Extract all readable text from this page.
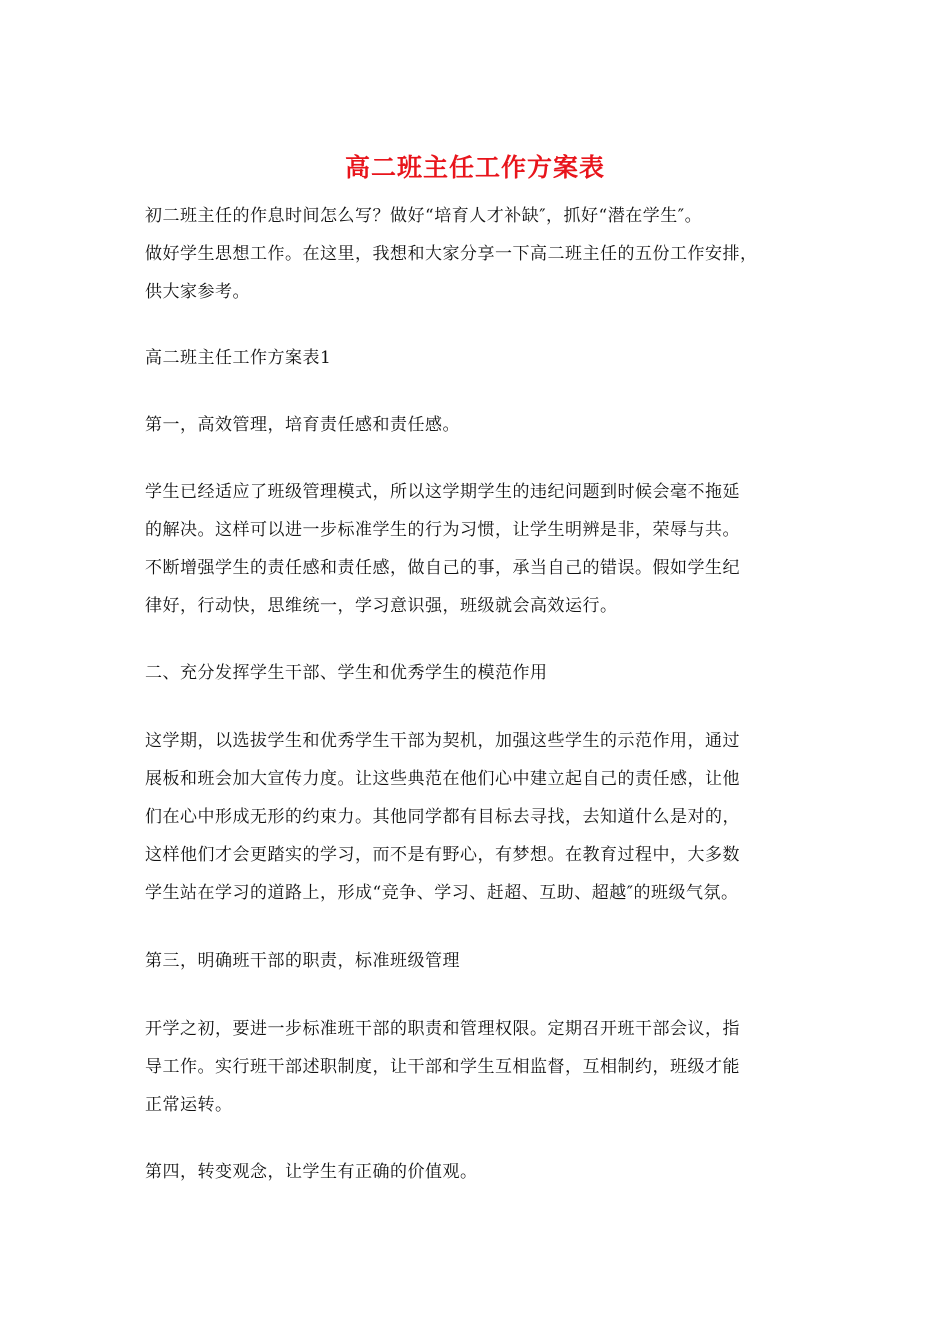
高二班主任工作方案表
初二班主任的作息时间怎么写？做好“培育人才补缺″，抓好“潜在学生″。
做好学生思想工作。在这里，我想和大家分享一下高二班主任的五份工作安排，
供大家参考。
高二班主任工作方案表1
第一，高效管理，培育责任感和责任感。
学生已经适应了班级管理模式，所以这学期学生的违纪问题到时候会毫不拖延
的解决。这样可以进一步标准学生的行为习惯，让学生明辨是非，荣辱与共。
不断增强学生的责任感和责任感，做自己的事，承当自己的错误。假如学生纪
律好，行动快，思维统一，学习意识强，班级就会高效运行。
二、充分发挥学生干部、学生和优秀学生的模范作用
这学期，以选拔学生和优秀学生干部为契机，加强这些学生的示范作用，通过
展板和班会加大宣传力度。让这些典范在他们心中建立起自己的责任感，让他
们在心中形成无形的约束力。其他同学都有目标去寻找，去知道什么是对的，
这样他们才会更踏实的学习，而不是有野心，有梦想。在教育过程中，大多数
学生站在学习的道路上，形成“竞争、学习、赶超、互助、超越″的班级气氛。
第三，明确班干部的职责，标准班级管理
开学之初，要进一步标准班干部的职责和管理权限。定期召开班干部会议，指
导工作。实行班干部述职制度，让干部和学生互相监督，互相制约，班级才能
正常运转。
第四，转变观念，让学生有正确的价值观。
